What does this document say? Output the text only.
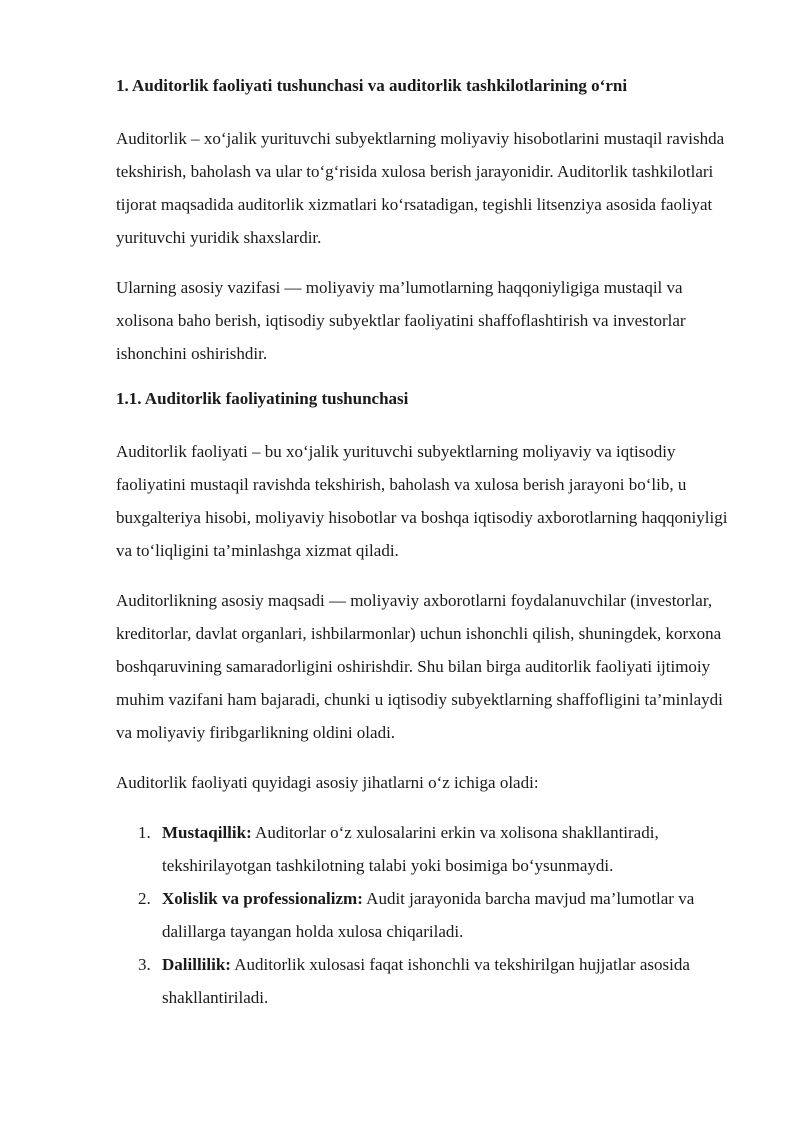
1. Auditorlik faoliyati tushunchasi va auditorlik tashkilotlarining o‘rni

Auditorlik – xo‘jalik yurituvchi subyektlarning moliyaviy hisobotlarini mustaqil ravishda tekshirish, baholash va ular to‘g‘risida xulosa berish jarayonidir. Auditorlik tashkilotlari tijorat maqsadida auditorlik xizmatlari ko‘rsatadigan, tegishli litsenziya asosida faoliyat yurituvchi yuridik shaxslardir.

Ularning asosiy vazifasi — moliyaviy ma’lumotlarning haqqoniyligiga mustaqil va xolisona baho berish, iqtisodiy subyektlar faoliyatini shaffoflashtirish va investorlar ishonchini oshirishdir.

1.1. Auditorlik faoliyatining tushunchasi

Auditorlik faoliyati – bu xo‘jalik yurituvchi subyektlarning moliyaviy va iqtisodiy faoliyatini mustaqil ravishda tekshirish, baholash va xulosa berish jarayoni bo‘lib, u buxgalteriya hisobi, moliyaviy hisobotlar va boshqa iqtisodiy axborotlarning haqqoniyligi va to‘liqligini ta’minlashga xizmat qiladi.

Auditorlikning asosiy maqsadi — moliyaviy axborotlarni foydalanuvchilar (investorlar, kreditorlar, davlat organlari, ishbilarmonlar) uchun ishonchli qilish, shuningdek, korxona boshqaruvining samaradorligini oshirishdir. Shu bilan birga auditorlik faoliyati ijtimoiy muhim vazifani ham bajaradi, chunki u iqtisodiy subyektlarning shaffofligini ta’minlaydi va moliyaviy firibgarlikning oldini oladi.

Auditorlik faoliyati quyidagi asosiy jihatlarni o‘z ichiga oladi:

1. Mustaqillik: Auditorlar o‘z xulosalarini erkin va xolisona shakllantiradi, tekshirilayotgan tashkilotning talabi yoki bosimiga bo‘ysunmaydi.
2. Xolislik va professionalizm: Audit jarayonida barcha mavjud ma’lumotlar va dalillarga tayangan holda xulosa chiqariladi.
3. Dalillilik: Auditorlik xulosasi faqat ishonchli va tekshirilgan hujjatlar asosida shakllantiriladi.
